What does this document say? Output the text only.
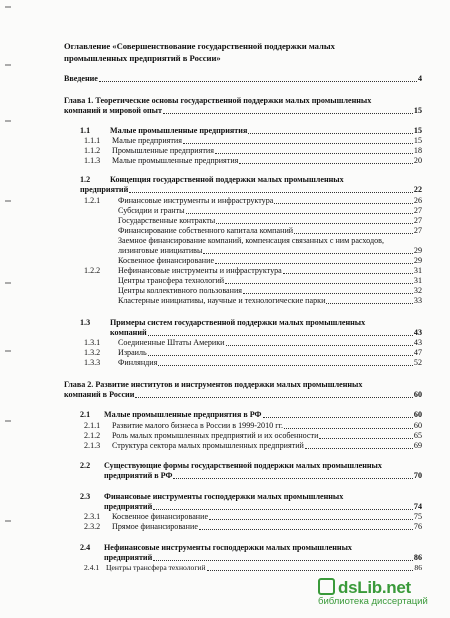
Оглавление «Совершенствование государственной поддержки малых
промышленных предприятий в России»
Введение	4
Глава 1. Теоретические основы государственной поддержки малых промышленных
компаний и мировой опыт	15
1.1	Малые промышленные предприятия	15
1.1.1	Малые предприятия	15
1.1.2	Промышленные предприятия	18
1.1.3	Малые промышленные предприятия	20
1.2 Концепция государственной поддержки малых промышленных
предприятий	22
1.2.1	Финансовые инструменты и инфраструктура	26
Субсидии и гранты	27
Государственные контракты	27
Финансирование собственного капитала компаний	27
Заемное финансирование компаний, компенсация связанных с ним расходов,
лизинговые инициативы	29
Косвенное финансирование	29
1.2.2	Нефинансовые инструменты и инфраструктура	31
Центры трансфера технологий	31
Центры коллективного пользования	32
Кластерные инициативы, научные и технологические парки	33
1.3 Примеры систем государственной поддержки малых промышленных
компаний	43
1.3.1	Соединенные Штаты Америки	43
1.3.2	Израиль	47
1.3.3	Финляндия	52
Глава 2. Развитие институтов и инструментов поддержки малых промышленных
компаний в России	60
2.1	Малые промышленные предприятия в РФ	60
2.1.1	Развитие малого бизнеса в России в 1999-2010 гг.	60
2.1.2	Роль малых промышленных предприятий и их особенности	65
2.1.3	Структура сектора малых промышленных предприятий	69
2.2 Существующие формы государственной поддержки малых промышленных
предприятий в РФ	70
2.3 Финансовые инструменты господдержки малых промышленных
предприятий	74
2.3.1	Косвенное финансирование	75
2.3.2	Прямое финансирование	76
2.4 Нефинансовые инструменты господдержки малых промышленных
предприятий	86
2.4.1 Центры трансфера технологий	86
dsLib.net
библиотека диссертаций
